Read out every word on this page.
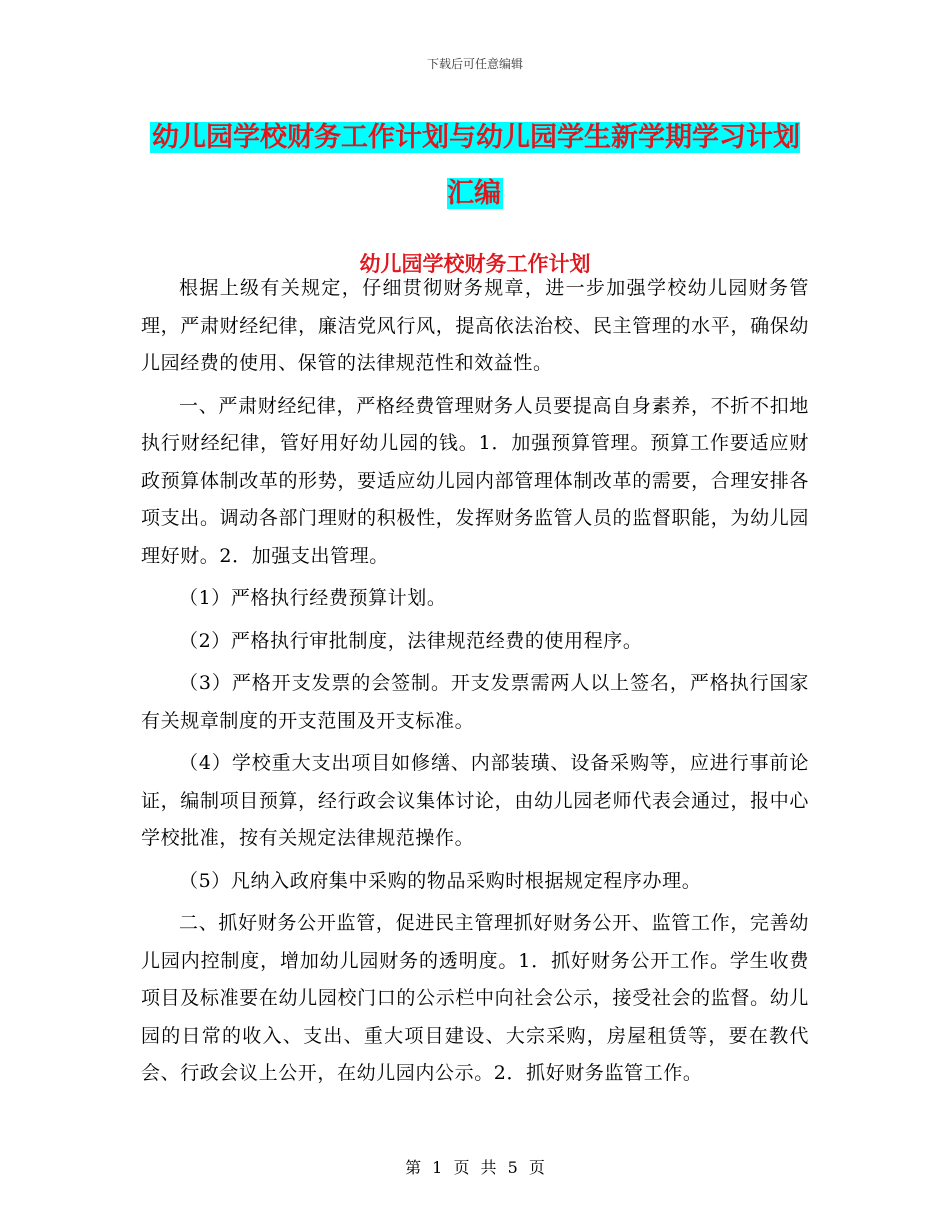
下载后可任意编辑
幼儿园学校财务工作计划与幼儿园学生新学期学习计划汇编
幼儿园学校财务工作计划

根据上级有关规定，仔细贯彻财务规章，进一步加强学校幼儿园财务管理，严肃财经纪律，廉洁党风行风，提高依法治校、民主管理的水平，确保幼儿园经费的使用、保管的法律规范性和效益性。

一、严肃财经纪律，严格经费管理财务人员要提高自身素养，不折不扣地执行财经纪律，管好用好幼儿园的钱。1．加强预算管理。预算工作要适应财政预算体制改革的形势，要适应幼儿园内部管理体制改革的需要，合理安排各项支出。调动各部门理财的积极性，发挥财务监管人员的监督职能，为幼儿园理好财。2．加强支出管理。

（1）严格执行经费预算计划。

（2）严格执行审批制度，法律规范经费的使用程序。

（3）严格开支发票的会签制。开支发票需两人以上签名，严格执行国家有关规章制度的开支范围及开支标准。

（4）学校重大支出项目如修缮、内部装璜、设备采购等，应进行事前论证，编制项目预算，经行政会议集体讨论，由幼儿园老师代表会通过，报中心学校批准，按有关规定法律规范操作。

（5）凡纳入政府集中采购的物品采购时根据规定程序办理。

二、抓好财务公开监管，促进民主管理抓好财务公开、监管工作，完善幼儿园内控制度，增加幼儿园财务的透明度。1．抓好财务公开工作。学生收费项目及标准要在幼儿园校门口的公示栏中向社会公示，接受社会的监督。幼儿园的日常的收入、支出、重大项目建设、大宗采购，房屋租赁等，要在教代会、行政会议上公开，在幼儿园内公示。2．抓好财务监管工作。

第 1 页 共 5 页
